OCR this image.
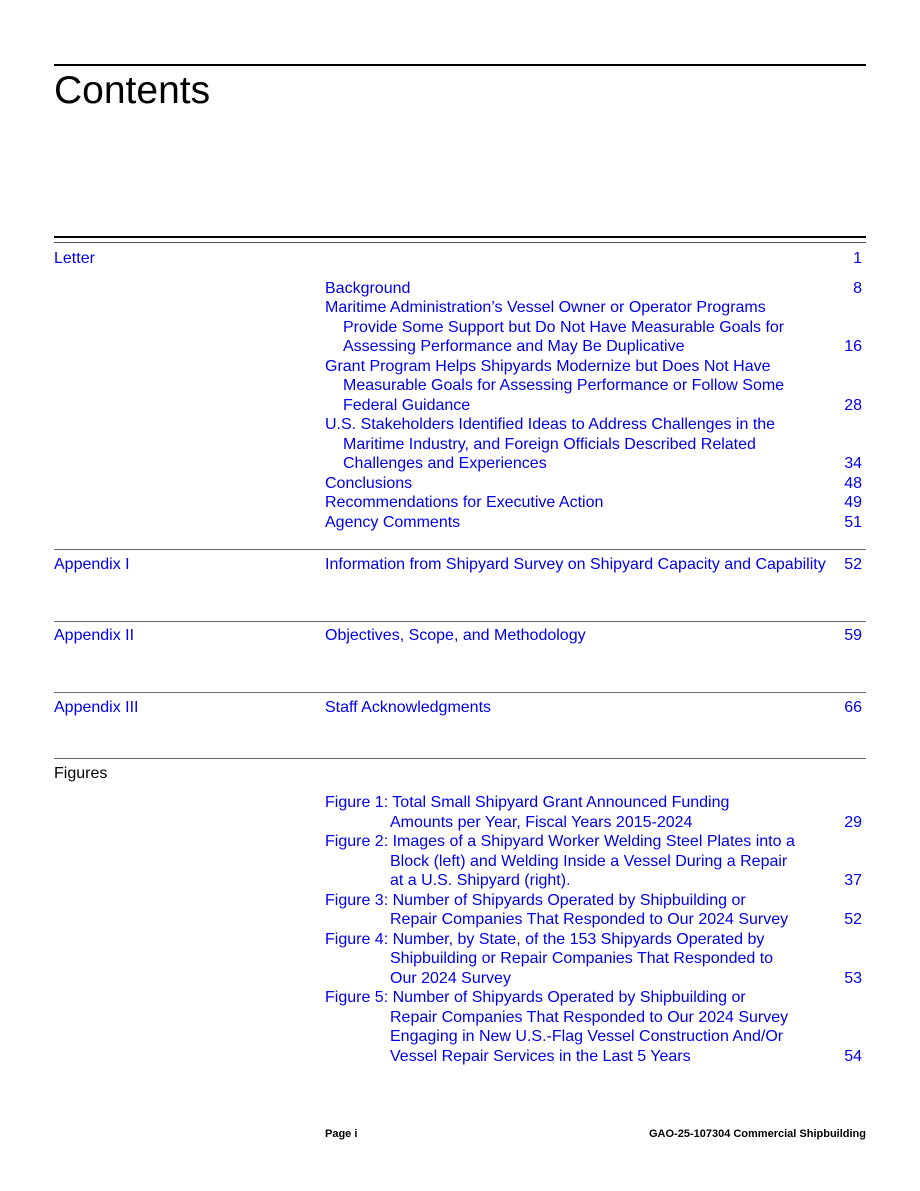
Contents
Letter	1
Background	8
Maritime Administration’s Vessel Owner or Operator Programs
Provide Some Support but Do Not Have Measurable Goals for
Assessing Performance and May Be Duplicative	16
Grant Program Helps Shipyards Modernize but Does Not Have
Measurable Goals for Assessing Performance or Follow Some
Federal Guidance	28
U.S. Stakeholders Identified Ideas to Address Challenges in the
Maritime Industry, and Foreign Officials Described Related
Challenges and Experiences	34
Conclusions	48
Recommendations for Executive Action	49
Agency Comments	51
Appendix I	Information from Shipyard Survey on Shipyard Capacity and Capability 52
Appendix II	Objectives, Scope, and Methodology	59
Appendix III	Staff Acknowledgments	66
Figures
Figure 1: Total Small Shipyard Grant Announced Funding
Amounts per Year, Fiscal Years 2015-2024	29
Figure 2: Images of a Shipyard Worker Welding Steel Plates into a
Block (left) and Welding Inside a Vessel During a Repair
at a U.S. Shipyard (right).	37
Figure 3: Number of Shipyards Operated by Shipbuilding or
Repair Companies That Responded to Our 2024 Survey	52
Figure 4: Number, by State, of the 153 Shipyards Operated by
Shipbuilding or Repair Companies That Responded to
Our 2024 Survey	53
Figure 5: Number of Shipyards Operated by Shipbuilding or
Repair Companies That Responded to Our 2024 Survey
Engaging in New U.S.-Flag Vessel Construction And/Or
Vessel Repair Services in the Last 5 Years	54
Page i	GAO-25-107304 Commercial Shipbuilding
